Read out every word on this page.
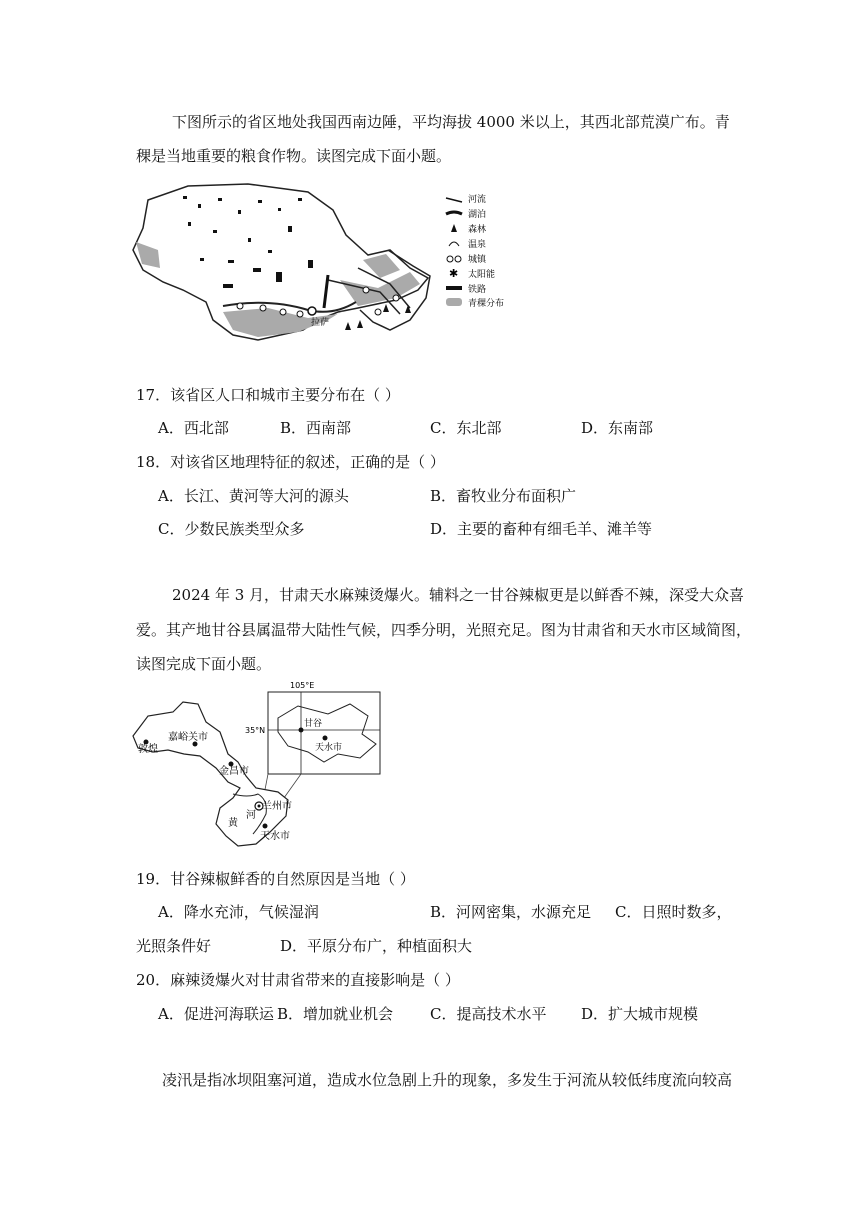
下图所示的省区地处我国西南边陲，平均海拔 4000 米以上，其西北部荒漠广布。青
稞是当地重要的粮食作物。读图完成下面小题。
拉萨
河流
湖泊
森林
温泉
城镇
✱ 太阳能
铁路
青稞分布
17．该省区人口和城市主要分布在（ ）
A．西北部	B．西南部	C．东北部	D．东南部
18．对该省区地理特征的叙述，正确的是（ ）
A．长江、黄河等大河的源头	B．畜牧业分布面积广
C．少数民族类型众多	D．主要的畜种有细毛羊、滩羊等
2024 年 3 月，甘肃天水麻辣烫爆火。辅料之一甘谷辣椒更是以鲜香不辣，深受大众喜
爱。其产地甘谷县属温带大陆性气候，四季分明，光照充足。图为甘肃省和天水市区域简图，
读图完成下面小题。
105°E
35°N
甘谷
天水市
敦煌
嘉峪关市
金昌市
兰州市
天水市
黄
河
19．甘谷辣椒鲜香的自然原因是当地（ ）
A．降水充沛，气候湿润	B．河网密集，水源充足 C．日照时数多，
光照条件好	D．平原分布广，种植面积大
20．麻辣烫爆火对甘肃省带来的直接影响是（ ）
A．促进河海联运 B．增加就业机会 C．提高技术水平 D．扩大城市规模
凌汛是指冰坝阻塞河道，造成水位急剧上升的现象，多发生于河流从较低纬度流向较高
